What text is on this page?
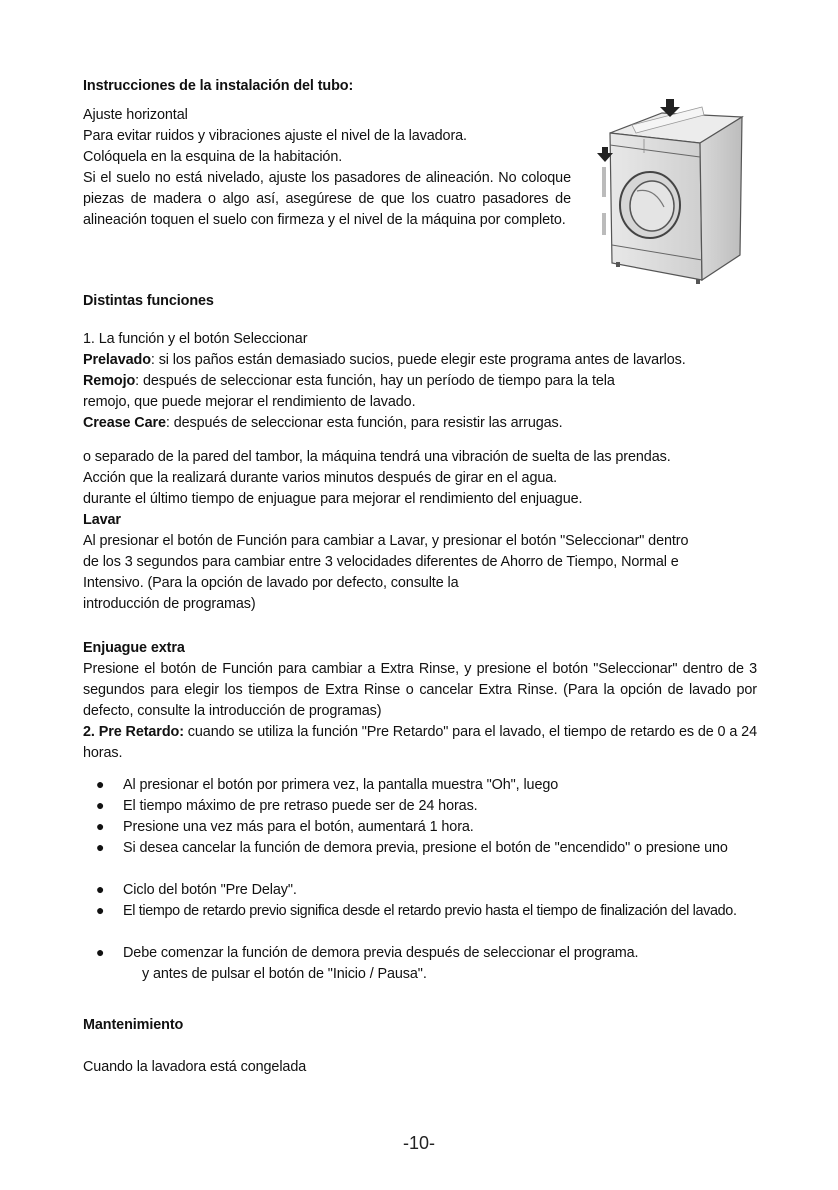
Instrucciones de la instalación del tubo:
Ajuste horizontal
Para evitar ruidos y vibraciones ajuste el nivel de la lavadora.
Colóquela en la esquina de la habitación.
Si el suelo no está nivelado, ajuste los pasadores de alineación. No coloque piezas de madera o algo así, asegúrese de que los cuatro pasadores de alineación toquen el suelo con firmeza y el nivel de la máquina por completo.
Distintas funciones
1. La función y el botón Seleccionar
Prelavado: si los paños están demasiado sucios, puede elegir este programa antes de lavarlos.
Remojo: después de seleccionar esta función, hay un período de tiempo para la tela
remojo, que puede mejorar el rendimiento de lavado.
Crease Care: después de seleccionar esta función, para resistir las arrugas.
o separado de la pared del tambor, la máquina tendrá una vibración de suelta de las prendas.
Acción que la realizará durante varios minutos después de girar en el agua.
durante el último tiempo de enjuague para mejorar el rendimiento del enjuague.
Lavar
Al presionar el botón de Función para cambiar a Lavar, y presionar el botón "Seleccionar" dentro
de los 3 segundos para cambiar entre 3 velocidades diferentes de Ahorro de Tiempo, Normal e
Intensivo. (Para la opción de lavado por defecto, consulte la
introducción de programas)
Enjuague extra
Presione el botón de Función para cambiar a Extra Rinse, y presione el botón "Seleccionar" dentro de 3 segundos para elegir los tiempos de Extra Rinse o cancelar Extra Rinse. (Para la opción de lavado por defecto, consulte la introducción de programas)
2. Pre Retardo: cuando se utiliza la función "Pre Retardo" para el lavado, el tiempo de retardo es de 0 a 24 horas.
● Al presionar el botón por primera vez, la pantalla muestra "Oh", luego
● El tiempo máximo de pre retraso puede ser de 24 horas.
● Presione una vez más para el botón, aumentará 1 hora.
● Si desea cancelar la función de demora previa, presione el botón de "encendido" o presione uno
● Ciclo del botón "Pre Delay".
● El tiempo de retardo previo significa desde el retardo previo hasta el tiempo de finalización del lavado.
● Debe comenzar la función de demora previa después de seleccionar el programa.
y antes de pulsar el botón de "Inicio / Pausa".
Mantenimiento
Cuando la lavadora está congelada
-10-
